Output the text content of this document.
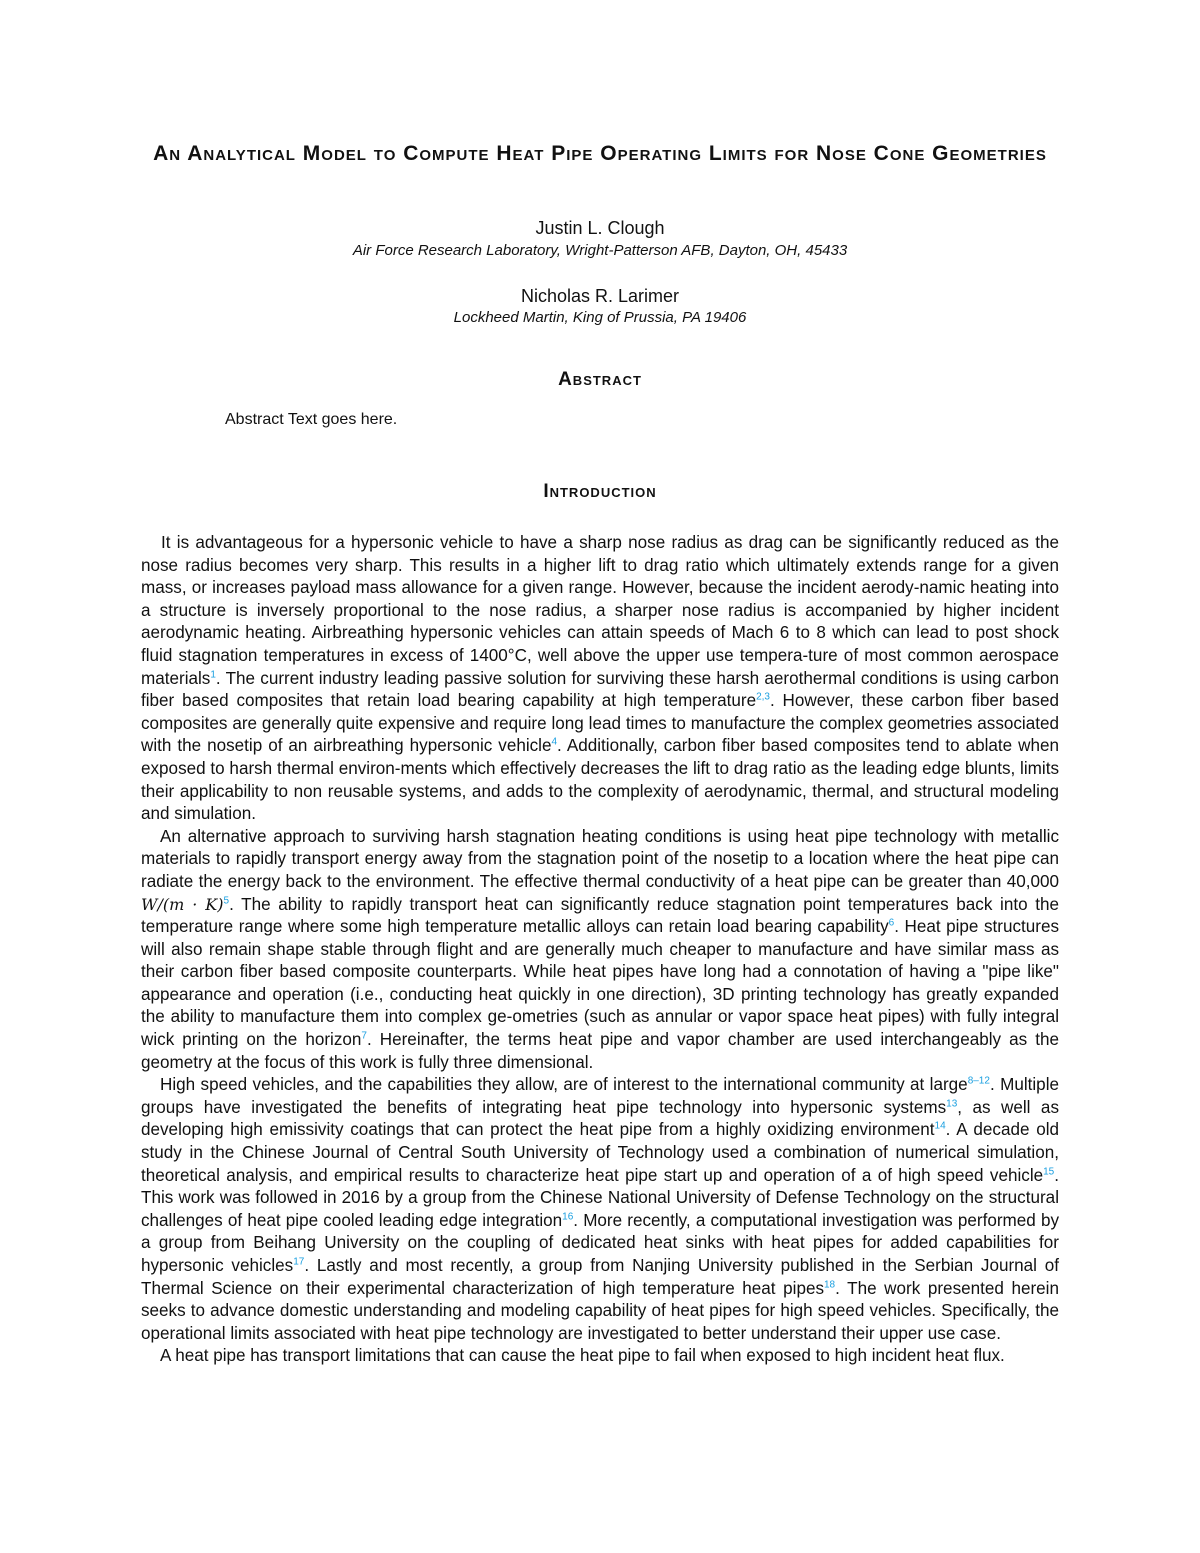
An Analytical Model to Compute Heat Pipe Operating Limits for Nose Cone Geometries
Justin L. Clough
Air Force Research Laboratory, Wright-Patterson AFB, Dayton, OH, 45433
Nicholas R. Larimer
Lockheed Martin, King of Prussia, PA 19406
Abstract
Abstract Text goes here.
Introduction

It is advantageous for a hypersonic vehicle to have a sharp nose radius as drag can be significantly reduced as the nose radius becomes very sharp. This results in a higher lift to drag ratio which ultimately extends range for a given mass, or increases payload mass allowance for a given range. However, because the incident aerody-namic heating into a structure is inversely proportional to the nose radius, a sharper nose radius is accompanied by higher incident aerodynamic heating. Airbreathing hypersonic vehicles can attain speeds of Mach 6 to 8 which can lead to post shock fluid stagnation temperatures in excess of 1400°C, well above the upper use tempera-ture of most common aerospace materials$^1$. The current industry leading passive solution for surviving these harsh aerothermal conditions is using carbon fiber based composites that retain load bearing capability at high temperature$^{2,3}$. However, these carbon fiber based composites are generally quite expensive and require long lead times to manufacture the complex geometries associated with the nosetip of an airbreathing hypersonic vehicle$^4$. Additionally, carbon fiber based composites tend to ablate when exposed to harsh thermal environ-ments which effectively decreases the lift to drag ratio as the leading edge blunts, limits their applicability to non reusable systems, and adds to the complexity of aerodynamic, thermal, and structural modeling and simulation.

An alternative approach to surviving harsh stagnation heating conditions is using heat pipe technology with metallic materials to rapidly transport energy away from the stagnation point of the nosetip to a location where the heat pipe can radiate the energy back to the environment. The effective thermal conductivity of a heat pipe can be greater than 40,000 W/(m · K)$^5$. The ability to rapidly transport heat can significantly reduce stagnation point temperatures back into the temperature range where some high temperature metallic alloys can retain load bearing capability$^6$. Heat pipe structures will also remain shape stable through flight and are generally much cheaper to manufacture and have similar mass as their carbon fiber based composite counterparts. While heat pipes have long had a connotation of having a "pipe like" appearance and operation (i.e., conducting heat quickly in one direction), 3D printing technology has greatly expanded the ability to manufacture them into complex ge-ometries (such as annular or vapor space heat pipes) with fully integral wick printing on the horizon$^7$. Hereinafter, the terms heat pipe and vapor chamber are used interchangeably as the geometry at the focus of this work is fully three dimensional.

High speed vehicles, and the capabilities they allow, are of interest to the international community at large$^{8-12}$. Multiple groups have investigated the benefits of integrating heat pipe technology into hypersonic systems$^{13}$, as well as developing high emissivity coatings that can protect the heat pipe from a highly oxidizing environment$^{14}$. A decade old study in the Chinese Journal of Central South University of Technology used a combination of numerical simulation, theoretical analysis, and empirical results to characterize heat pipe start up and operation of a of high speed vehicle$^{15}$. This work was followed in 2016 by a group from the Chinese National University of Defense Technology on the structural challenges of heat pipe cooled leading edge integration$^{16}$. More recently, a computational investigation was performed by a group from Beihang University on the coupling of dedicated heat sinks with heat pipes for added capabilities for hypersonic vehicles$^{17}$. Lastly and most recently, a group from Nanjing University published in the Serbian Journal of Thermal Science on their experimental characterization of high temperature heat pipes$^{18}$. The work presented herein seeks to advance domestic understanding and modeling capability of heat pipes for high speed vehicles. Specifically, the operational limits associated with heat pipe technology are investigated to better understand their upper use case.

A heat pipe has transport limitations that can cause the heat pipe to fail when exposed to high incident heat flux.
